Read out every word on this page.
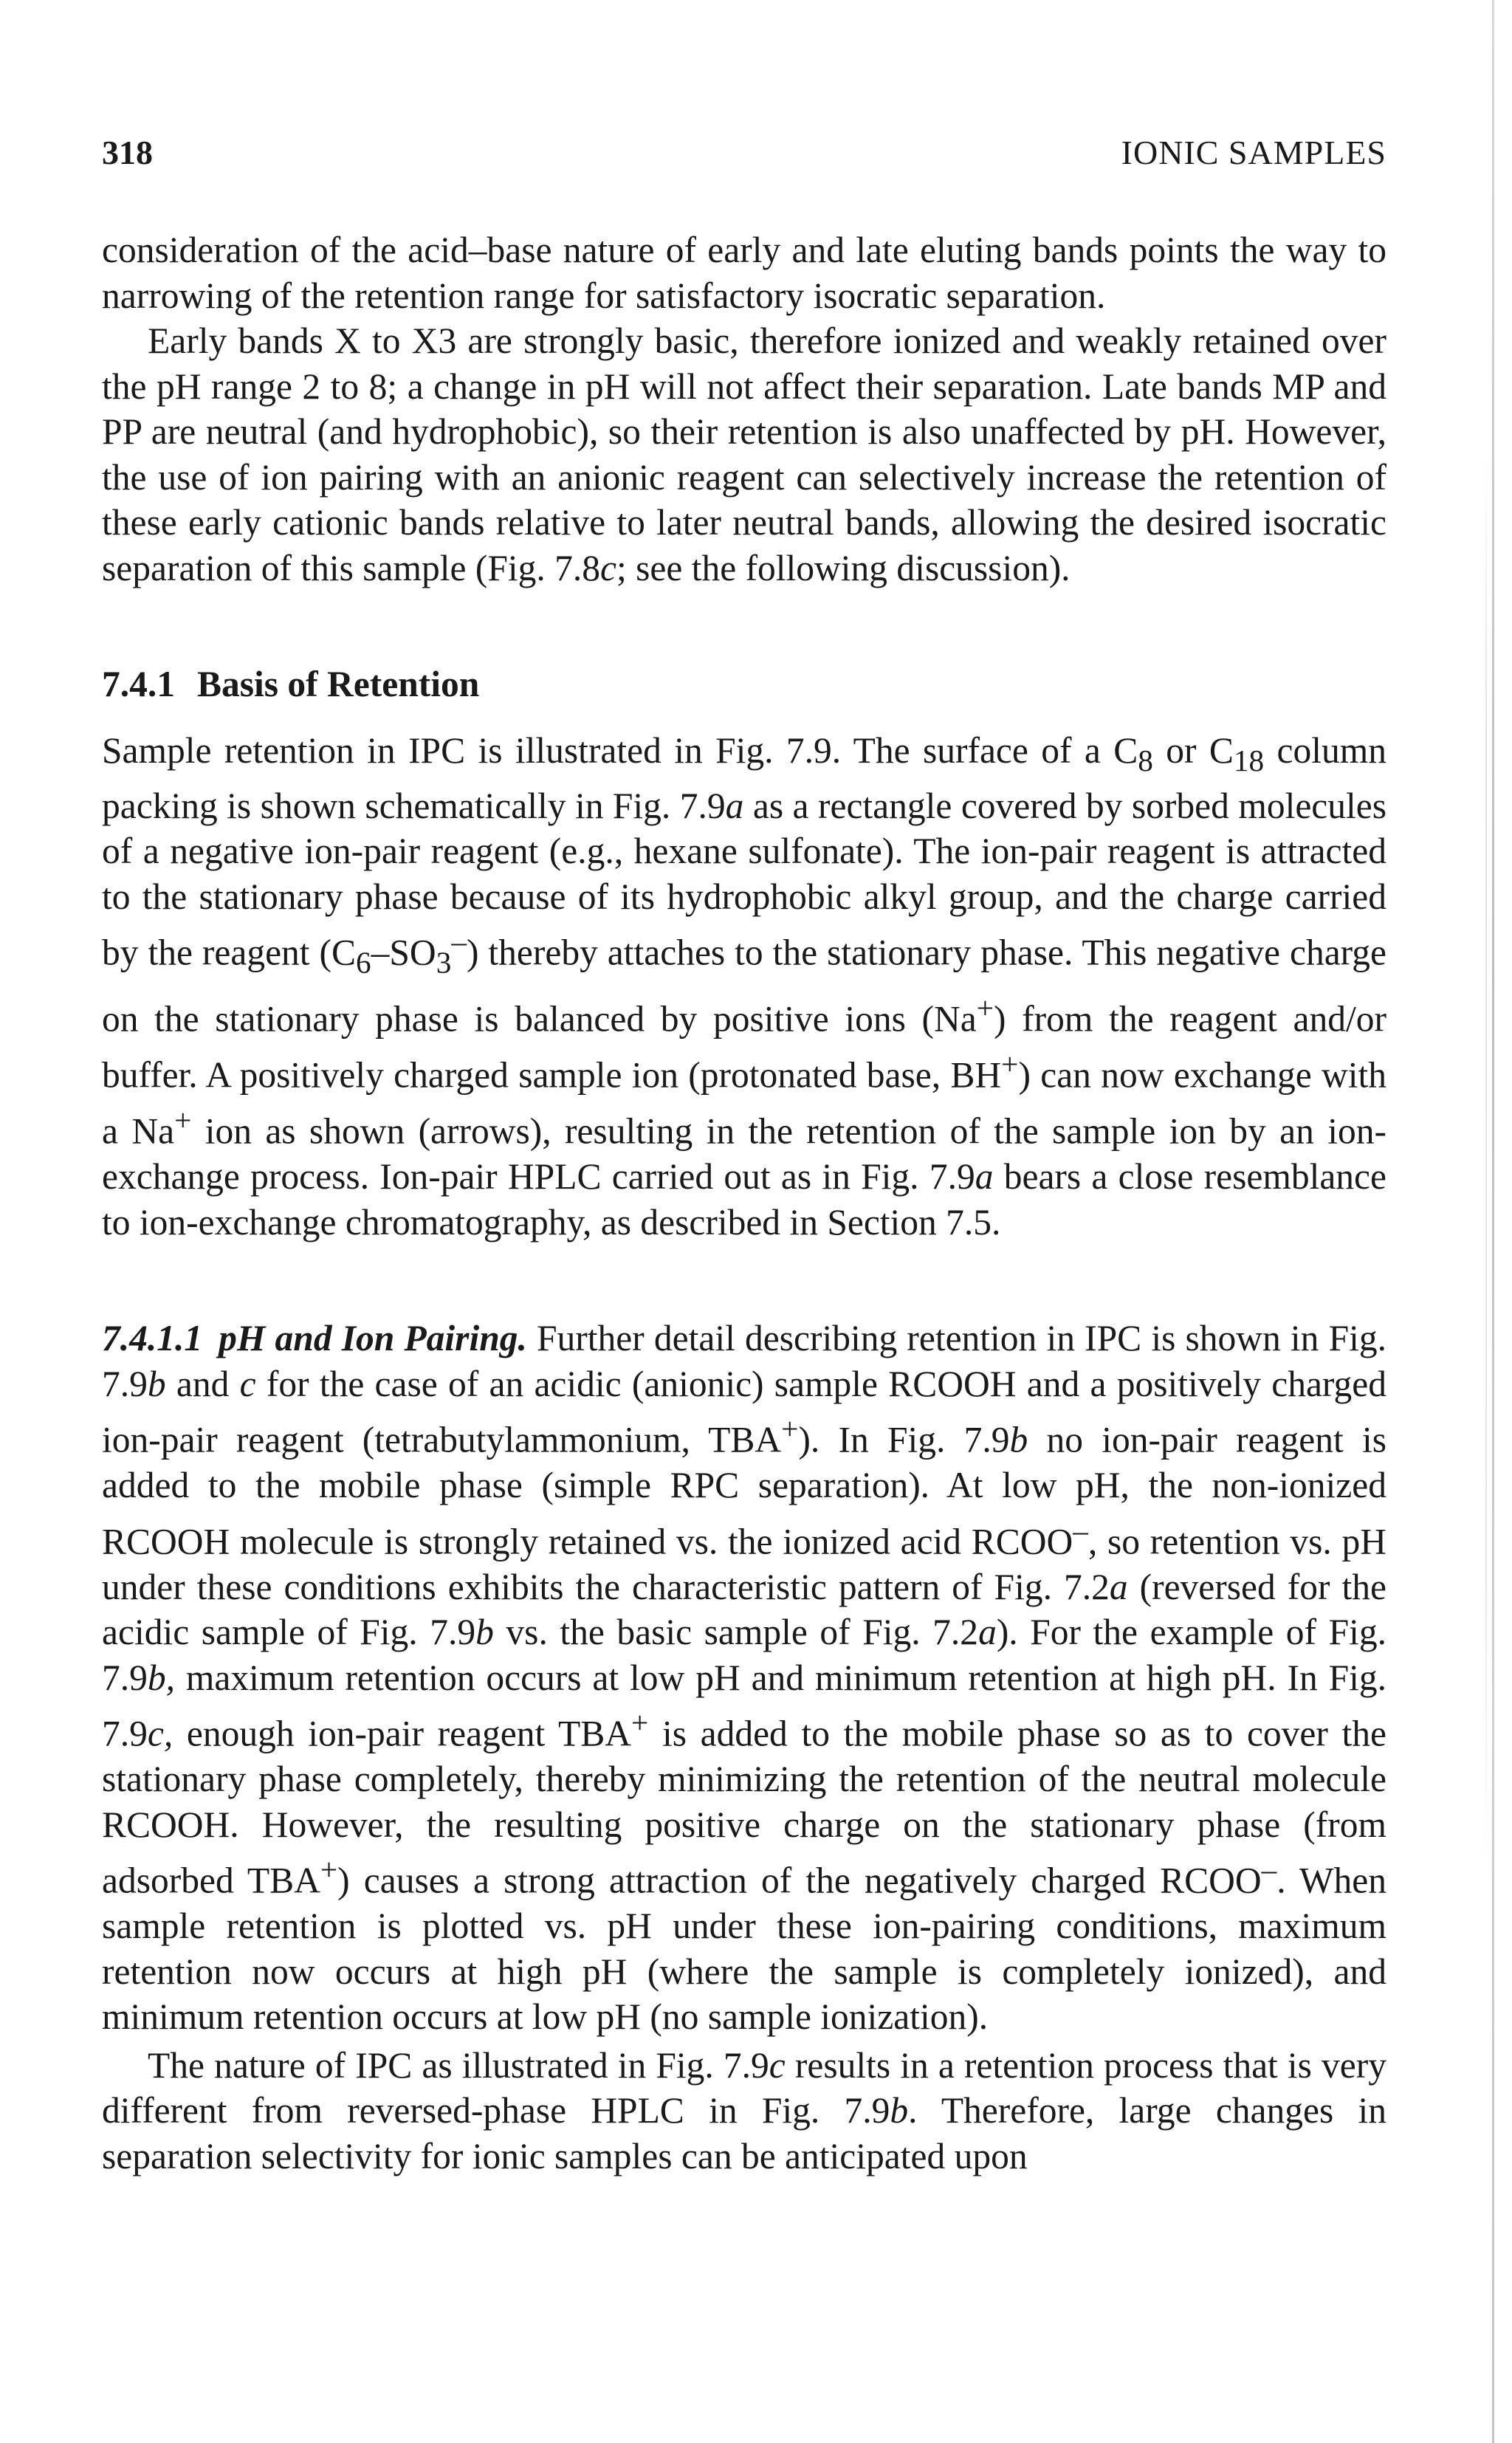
318	IONIC SAMPLES

consideration of the acid–base nature of early and late eluting bands points the way to narrowing of the retention range for satisfactory isocratic separation.

Early bands X to X3 are strongly basic, therefore ionized and weakly retained over the pH range 2 to 8; a change in pH will not affect their separation. Late bands MP and PP are neutral (and hydrophobic), so their retention is also unaffected by pH. However, the use of ion pairing with an anionic reagent can selectively increase the retention of these early cationic bands relative to later neutral bands, allowing the desired isocratic separation of this sample (Fig. 7.8c; see the following discussion).

7.4.1 Basis of Retention

Sample retention in IPC is illustrated in Fig. 7.9. The surface of a $C_8$ or $C_{18}$ column packing is shown schematically in Fig. 7.9a as a rectangle covered by sorbed molecules of a negative ion-pair reagent (e.g., hexane sulfonate). The ion-pair reagent is attracted to the stationary phase because of its hydrophobic alkyl group, and the charge carried by the reagent $(C_6-SO_3^-)$ thereby attaches to the stationary phase. This negative charge on the stationary phase is balanced by positive ions (Na+) from the reagent and/or buffer. A positively charged sample ion (protonated base, BH+) can now exchange with a Na+ ion as shown (arrows), resulting in the retention of the sample ion by an ion-exchange process. Ion-pair HPLC carried out as in Fig. 7.9a bears a close resemblance to ion-exchange chromatography, as described in Section 7.5.

7.4.1.1 pH and Ion Pairing. Further detail describing retention in IPC is shown in Fig. 7.9b and c for the case of an acidic (anionic) sample RCOOH and a positively charged ion-pair reagent (tetrabutylammonium, TBA+). In Fig. 7.9b no ion-pair reagent is added to the mobile phase (simple RPC separation). At low pH, the non-ionized RCOOH molecule is strongly retained vs. the ionized acid RCOO–, so retention vs. pH under these conditions exhibits the characteristic pattern of Fig. 7.2a (reversed for the acidic sample of Fig. 7.9b vs. the basic sample of Fig. 7.2a). For the example of Fig. 7.9b, maximum retention occurs at low pH and minimum retention at high pH. In Fig. 7.9c, enough ion-pair reagent TBA+ is added to the mobile phase so as to cover the stationary phase completely, thereby minimizing the retention of the neutral molecule RCOOH. However, the resulting positive charge on the stationary phase (from adsorbed TBA+) causes a strong attraction of the negatively charged RCOO–. When sample retention is plotted vs. pH under these ion-pairing conditions, maximum retention now occurs at high pH (where the sample is completely ionized), and minimum retention occurs at low pH (no sample ionization).

The nature of IPC as illustrated in Fig. 7.9c results in a retention process that is very different from reversed-phase HPLC in Fig. 7.9b. Therefore, large changes in separation selectivity for ionic samples can be anticipated upon
